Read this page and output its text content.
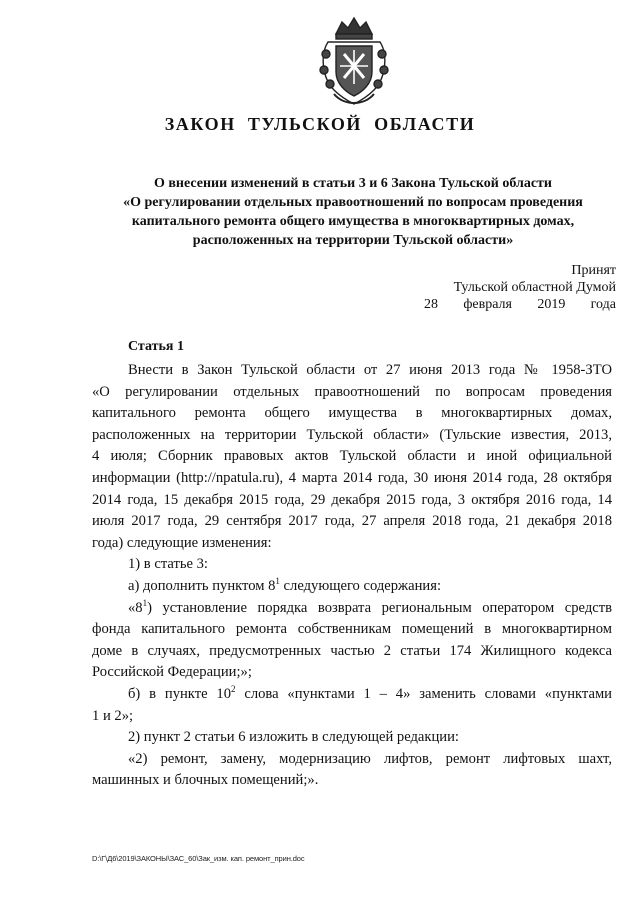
ЗАКОН ТУЛЬСКОЙ ОБЛАСТИ
О внесении изменений в статьи 3 и 6 Закона Тульской области
«О регулировании отдельных правоотношений по вопросам проведения
капитального ремонта общего имущества в многоквартирных домах,
расположенных на территории Тульской области»
Принят
Тульской областной Думой
28 февраля 2019 года
Статья 1
Внести в Закон Тульской области от 27 июня 2013 года № 1958-ЗТО
«О регулировании отдельных правоотношений по вопросам проведения
капитального ремонта общего имущества в многоквартирных домах,
расположенных на территории Тульской области» (Тульские известия, 2013,
4 июля; Сборник правовых актов Тульской области и иной официальной
информации (http://npatula.ru), 4 марта 2014 года, 30 июня 2014 года, 28 октября
2014 года, 15 декабря 2015 года, 29 декабря 2015 года, 3 октября 2016 года, 14
июля 2017 года, 29 сентября 2017 года, 27 апреля 2018 года, 21 декабря 2018
года) следующие изменения:
1) в статье 3:
а) дополнить пунктом $8^1$ следующего содержания:
«$8^1$) установление порядка возврата региональным оператором средств
фонда капитального ремонта собственникам помещений в многоквартирном
доме в случаях, предусмотренных частью 2 статьи 174 Жилищного кодекса
Российской Федерации;»;
б) в пункте $10^2$ слова «пунктами 1 – 4» заменить словами «пунктами
1 и 2»;
2) пункт 2 статьи 6 изложить в следующей редакции:
«2) ремонт, замену, модернизацию лифтов, ремонт лифтовых шахт,
машинных и блочных помещений;».
D:\Г\Д6\2019\ЗАКОНЫ\ЗАС_60\Зак_изм. кап. ремонт_прин.doc
